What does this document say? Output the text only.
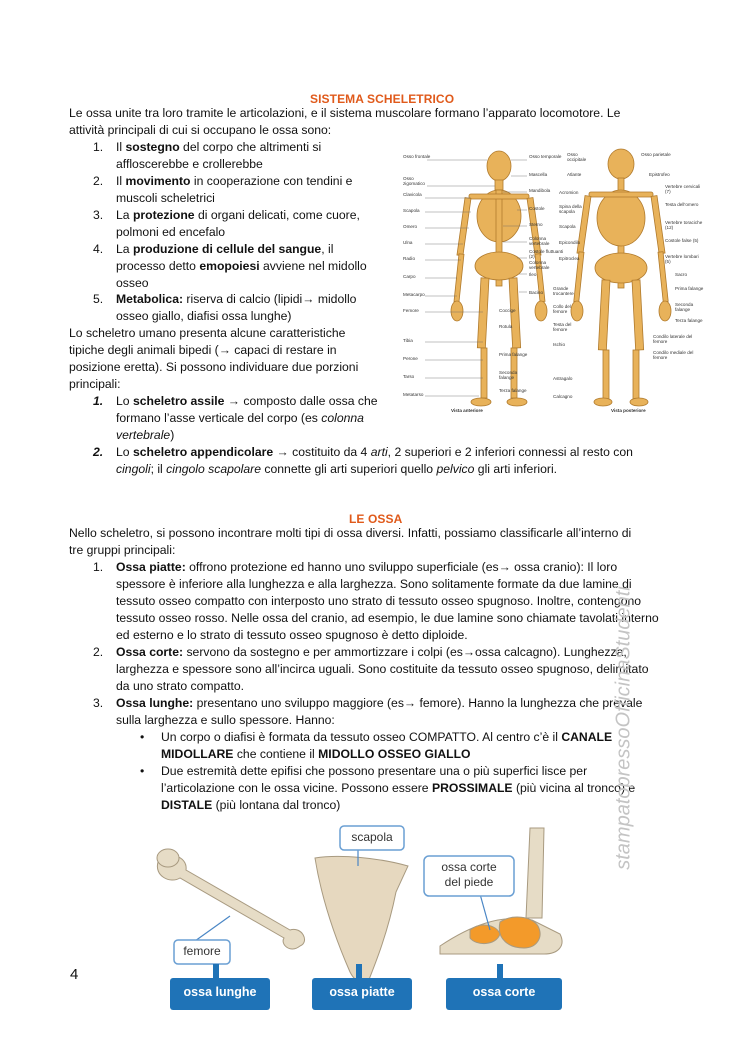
SISTEMA SCHELETRICO
Le ossa unite tra loro tramite le articolazioni, e il sistema muscolare formano l’apparato locomotore. Le
attività principali di cui si occupano le ossa sono:
1.	Il sostegno del corpo che altrimenti si
affloscerebbe e crollerebbe
2.	Il movimento in cooperazione con tendini e
muscoli scheletrici
3.	La protezione di organi delicati, come cuore,
polmoni ed encefalo
4.	La produzione di cellule del sangue, il
processo detto emopoiesi avviene nel midollo
osseo
5.	Metabolica: riserva di calcio (lipidi→ midollo
osseo giallo, diafisi ossa lunghe)
Lo scheletro umano presenta alcune caratteristiche
tipiche degli animali bipedi (→ capaci di restare in
posizione eretta). Si possono individuare due porzioni
principali:
1.	Lo scheletro assile → composto dalle ossa che
formano l’asse verticale del corpo (es colonna
vertebrale)
2.	Lo scheletro appendicolare → costituito da 4 arti, 2 superiori e 2 inferiori connessi al resto con
cingoli; il cingolo scapolare connette gli arti superiori quello pelvico gli arti inferiori.
Osso frontale
Osso zigomatico
Clavicola
Scapola
Omero
Ulna
Radio
Carpo
Metacarpo
Femore
Tibia
Perone
Tarso
Metatarso
Osso temporale
Mascella
Mandibola
Costole
Sterno
Colonna vertebrale
Costole fluttuanti (2)
Colonna vertebrale
Ileo
Bacino
Coccige
Rotula
Prima falange
Seconda falange
Terza falange
Vista anteriore
Osso occipitale
Atlante
Acromion
Spina della scapola
Scapola
Epicondilo
Epitroclea
Grande trocantere
Collo del femore
Testa del femore
Ischio
Astragalo
Calcagno
Osso parietale
Epistrofeo
Vertebre cervicali (7)
Testa dell’omero
Vertebre toraciche (12)
Costole false (5)
Vertebre lombari (5)
Sacro
Prima falange
Seconda falange
Terza falange
Condilo laterale del femore
Condilo mediale del femore
Vista posteriore
LE OSSA
Nello scheletro, si possono incontrare molti tipi di ossa diversi. Infatti, possiamo classificarle all’interno di
tre gruppi principali:
1.	Ossa piatte: offrono protezione ed hanno uno sviluppo superficiale (es→ ossa cranio): Il loro
spessore è inferiore alla lunghezza e alla larghezza. Sono solitamente formate da due lamine di
tessuto osseo compatto con interposto uno strato di tessuto osseo spugnoso. Inoltre, contengono
tessuto osseo rosso. Nelle ossa del cranio, ad esempio, le due lamine sono chiamate tavolati interno
ed esterno e lo strato di tessuto osseo spugnoso è detto diploide.
2.	Ossa corte: servono da sostegno e per ammortizzare i colpi (es→ossa calcagno). Lunghezza,
larghezza e spessore sono all’incirca uguali. Sono costituite da tessuto osseo spugnoso, delimitato
da uno strato compatto.
3.	Ossa lunghe: presentano uno sviluppo maggiore (es→ femore). Hanno la lunghezza che prevale
sulla larghezza e sullo spessore. Hanno:
• Un corpo o diafisi è formata da tessuto osseo COMPATTO. Al centro c’è il CANALE
MIDOLLARE che contiene il MIDOLLO OSSEO GIALLO
• Due estremità dette epifisi che possono presentare una o più superfici lisce per
l’articolazione con le ossa vicine. Possono essere PROSSIMALE (più vicina al tronco) e
DISTALE (più lontana dal tronco)
femore
scapola
ossa corte
del piede
ossa lunghe	ossa piatte	ossa corte
4
stampatopressoOfficinaStudenti
